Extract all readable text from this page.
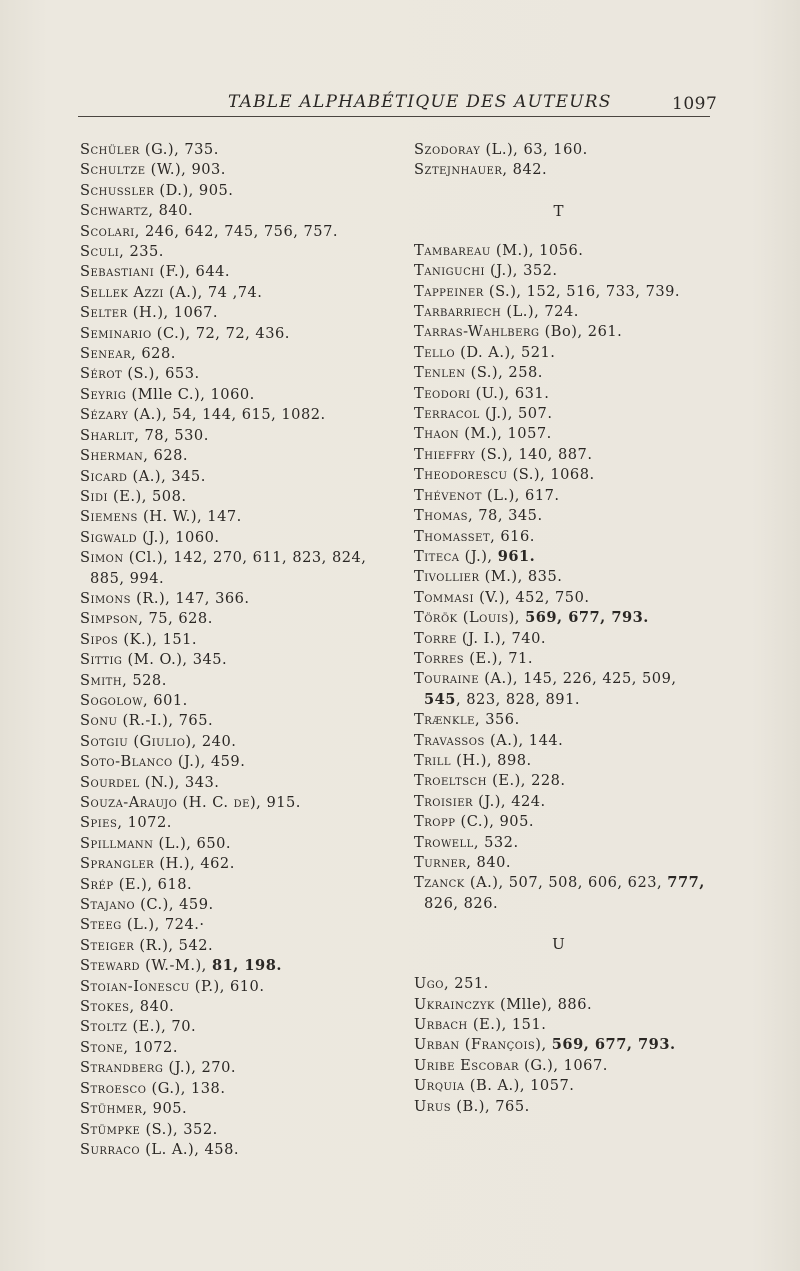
TABLE ALPHABÉTIQUE DES AUTEURS	1097
Schüler (G.), 735.
Schultze (W.), 903.
Schussler (D.), 905.
Schwartz, 840.
Scolari, 246, 642, 745, 756, 757.
Sculi, 235.
Sebastiani (F.), 644.
Sellek Azzi (A.), 74 ,74.
Selter (H.), 1067.
Seminario (C.), 72, 72, 436.
Senear, 628.
Sérot (S.), 653.
Seyrig (Mlle C.), 1060.
Sézary (A.), 54, 144, 615, 1082.
Sharlit, 78, 530.
Sherman, 628.
Sicard (A.), 345.
Sidi (E.), 508.
Siemens (H. W.), 147.
Sigwald (J.), 1060.
Simon (Cl.), 142, 270, 611, 823, 824,
885, 994.
Simons (R.), 147, 366.
Simpson, 75, 628.
Sipos (K.), 151.
Sittig (M. O.), 345.
Smith, 528.
Sogolow, 601.
Sonu (R.-I.), 765.
Sotgiu (Giulio), 240.
Soto-Blanco (J.), 459.
Sourdel (N.), 343.
Souza-Araujo (H. C. de), 915.
Spies, 1072.
Spillmann (L.), 650.
Sprangler (H.), 462.
Srép (E.), 618.
Stajano (C.), 459.
Steeg (L.), 724.·
Steiger (R.), 542.
Steward (W.-M.), 81, 198.
Stoian-Ionescu (P.), 610.
Stokes, 840.
Stoltz (E.), 70.
Stone, 1072.
Strandberg (J.), 270.
Stroesco (G.), 138.
Stühmer, 905.
Stümpke (S.), 352.
Surraco (L. A.), 458.
Szodoray (L.), 63, 160.
Sztejnhauer, 842.
T
Tambareau (M.), 1056.
Taniguchi (J.), 352.
Tappeiner (S.), 152, 516, 733, 739.
Tarbarriech (L.), 724.
Tarras-Wahlberg (Bo), 261.
Tello (D. A.), 521.
Tenlen (S.), 258.
Teodori (U.), 631.
Terracol (J.), 507.
Thaon (M.), 1057.
Thieffry (S.), 140, 887.
Theodorescu (S.), 1068.
Thévenot (L.), 617.
Thomas, 78, 345.
Thomasset, 616.
Titeca (J.), 961.
Tivollier (M.), 835.
Tommasi (V.), 452, 750.
Török (Louis), 569, 677, 793.
Torre (J. I.), 740.
Torres (E.), 71.
Touraine (A.), 145, 226, 425, 509,
545, 823, 828, 891.
Trænkle, 356.
Travassos (A.), 144.
Trill (H.), 898.
Troeltsch (E.), 228.
Troisier (J.), 424.
Tropp (C.), 905.
Trowell, 532.
Turner, 840.
Tzanck (A.), 507, 508, 606, 623, 777,
826, 826.
U
Ugo, 251.
Ukrainczyk (Mlle), 886.
Urbach (E.), 151.
Urban (François), 569, 677, 793.
Uribe Escobar (G.), 1067.
Urquia (B. A.), 1057.
Urus (B.), 765.
